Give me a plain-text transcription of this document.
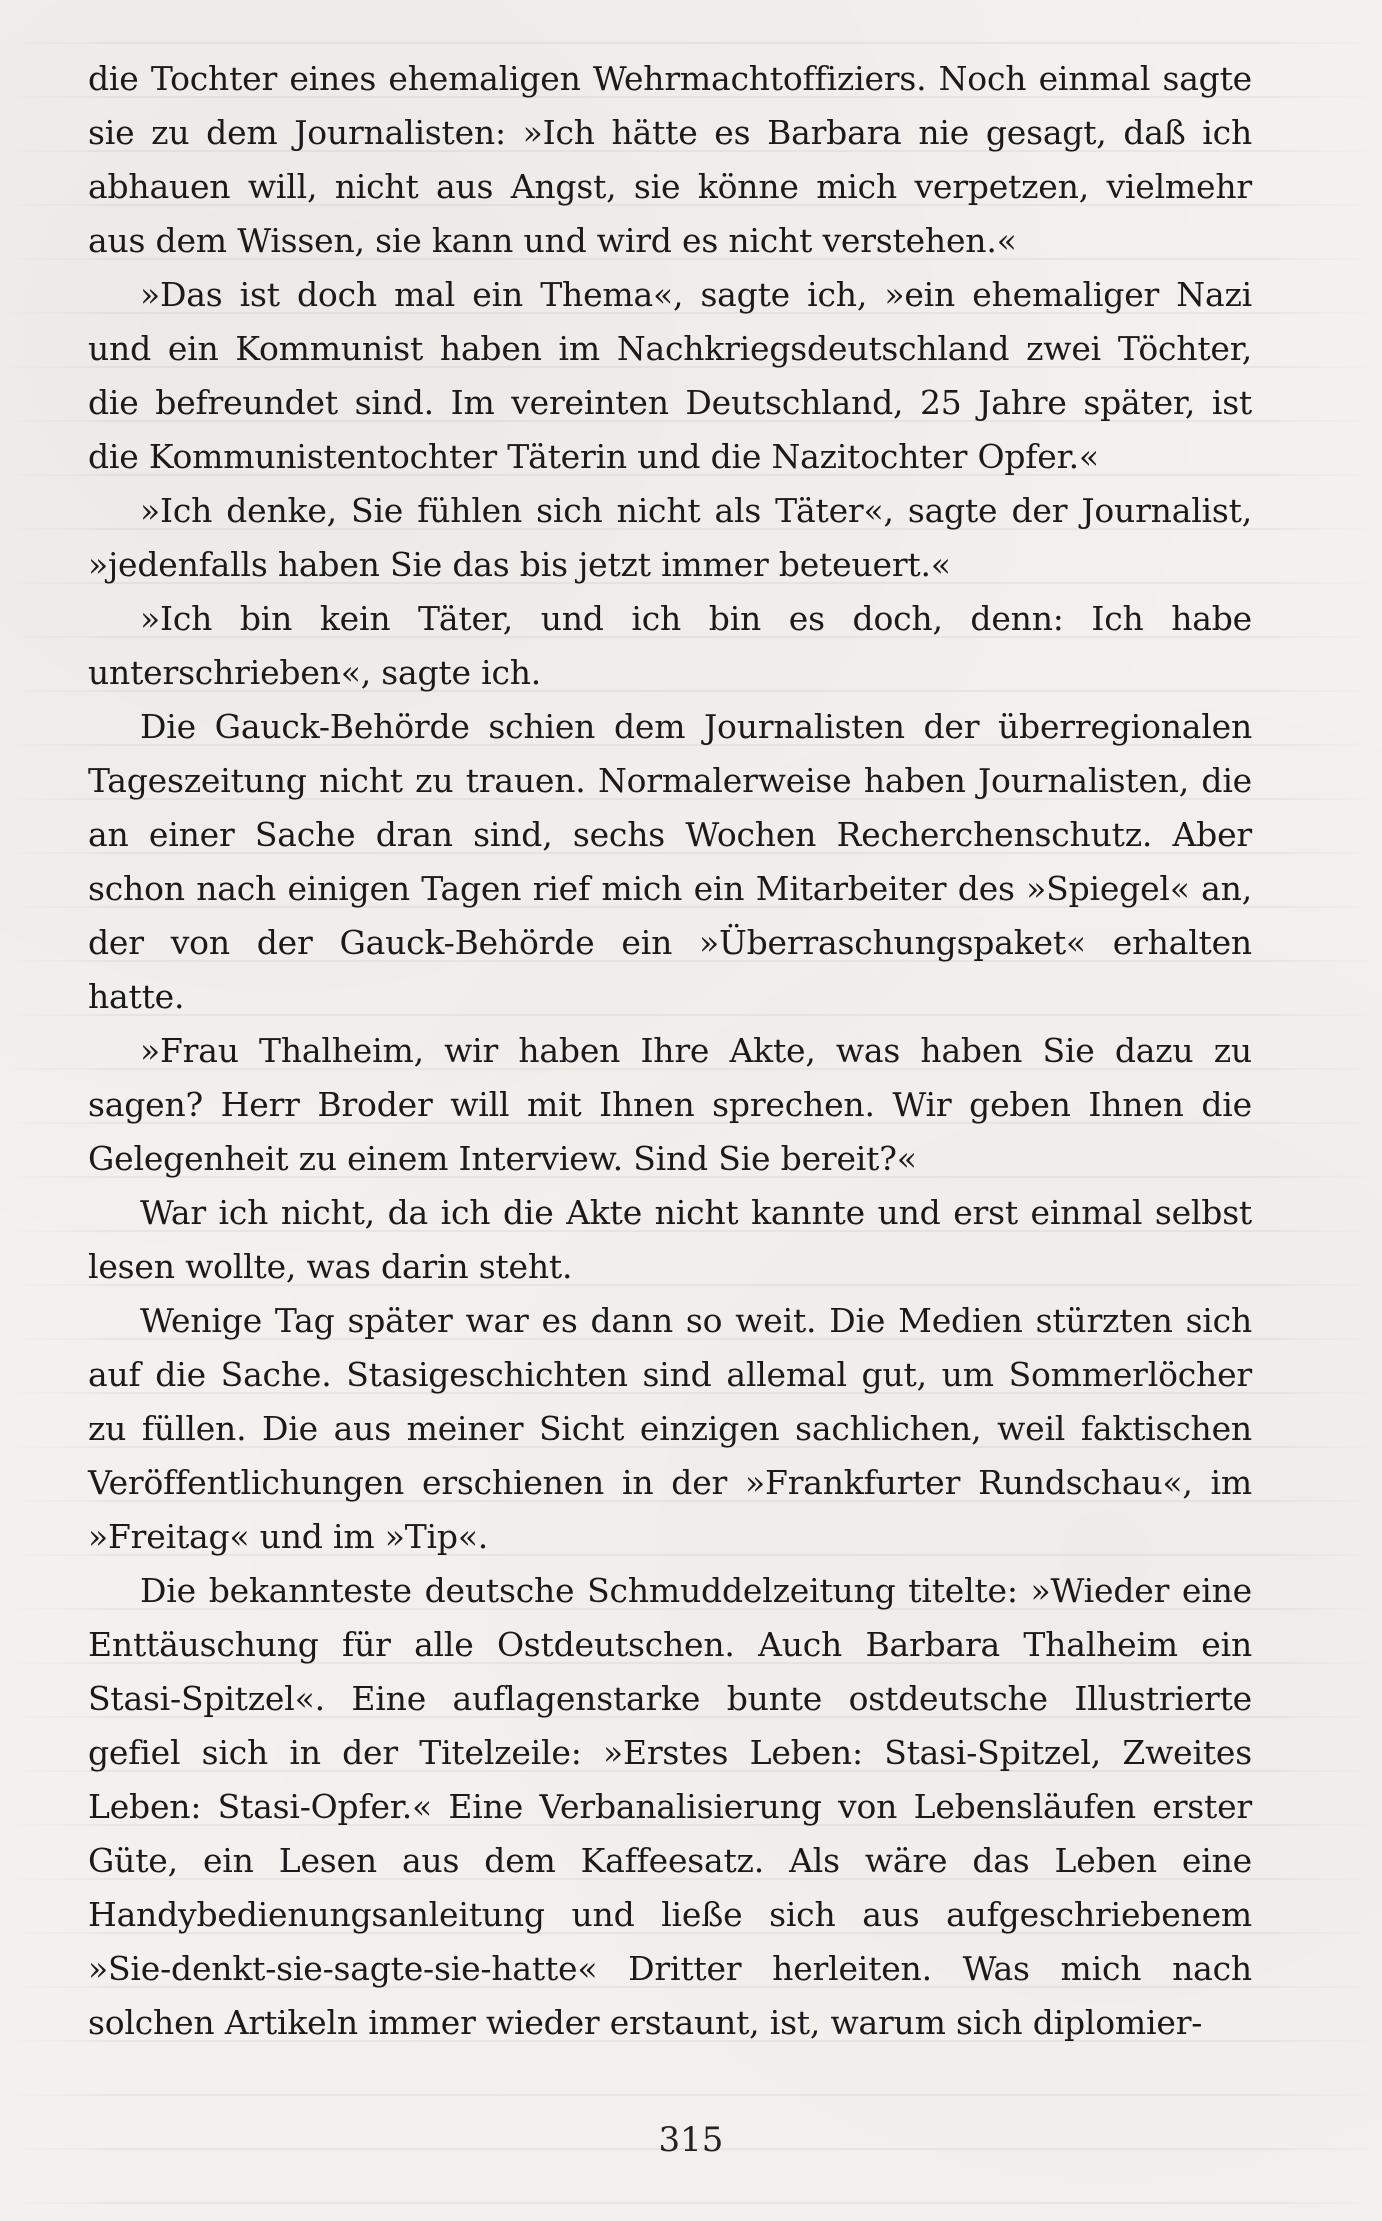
die Tochter eines ehemaligen Wehrmachtoffiziers. Noch einmal sagte sie zu dem Journalisten: »Ich hätte es Barbara nie gesagt, daß ich abhauen will, nicht aus Angst, sie könne mich verpetzen, vielmehr aus dem Wissen, sie kann und wird es nicht verstehen.«

»Das ist doch mal ein Thema«, sagte ich, »ein ehemaliger Nazi und ein Kommunist haben im Nachkriegsdeutschland zwei Töchter, die befreundet sind. Im vereinten Deutschland, 25 Jahre später, ist die Kommunistentochter Täterin und die Nazitochter Opfer.«

»Ich denke, Sie fühlen sich nicht als Täter«, sagte der Journalist, »jedenfalls haben Sie das bis jetzt immer beteuert.«

»Ich bin kein Täter, und ich bin es doch, denn: Ich habe unterschrieben«, sagte ich.

Die Gauck-Behörde schien dem Journalisten der überregionalen Tageszeitung nicht zu trauen. Normalerweise haben Journalisten, die an einer Sache dran sind, sechs Wochen Recherchenschutz. Aber schon nach einigen Tagen rief mich ein Mitarbeiter des »Spiegel« an, der von der Gauck-Behörde ein »Überraschungspaket« erhalten hatte.

»Frau Thalheim, wir haben Ihre Akte, was haben Sie dazu zu sagen? Herr Broder will mit Ihnen sprechen. Wir geben Ihnen die Gelegenheit zu einem Interview. Sind Sie bereit?«

War ich nicht, da ich die Akte nicht kannte und erst einmal selbst lesen wollte, was darin steht.

Wenige Tag später war es dann so weit. Die Medien stürzten sich auf die Sache. Stasigeschichten sind allemal gut, um Sommerlöcher zu füllen. Die aus meiner Sicht einzigen sachlichen, weil faktischen Veröffentlichungen erschienen in der »Frankfurter Rundschau«, im »Freitag« und im »Tip«.

Die bekannteste deutsche Schmuddelzeitung titelte: »Wieder eine Enttäuschung für alle Ostdeutschen. Auch Barbara Thalheim ein Stasi-Spitzel«. Eine auflagenstarke bunte ostdeutsche Illustrierte gefiel sich in der Titelzeile: »Erstes Leben: Stasi-Spitzel, Zweites Leben: Stasi-Opfer.« Eine Verbanalisierung von Lebensläufen erster Güte, ein Lesen aus dem Kaffeesatz. Als wäre das Leben eine Handybedienungsanleitung und ließe sich aus aufgeschriebenem »Sie-denkt-sie-sagte-sie-hatte« Dritter herleiten. Was mich nach solchen Artikeln immer wieder erstaunt, ist, warum sich diplomier-

315
